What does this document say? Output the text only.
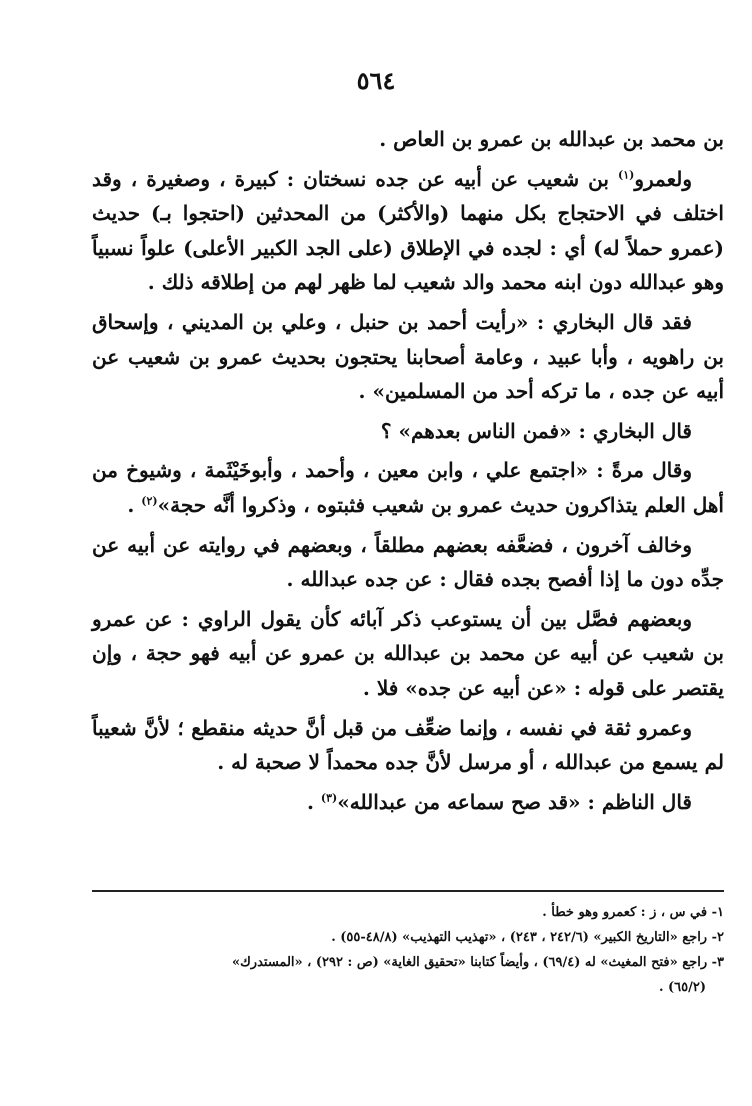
٥٦٤

بن محمد بن عبدالله بن عمرو بن العاص .

ولعمرو$^{(١)}$ بن شعيب عن أبيه عن جده نسختان : كبيرة ، وصغيرة ، وقد اختلف في الاحتجاج بكل منهما (والأكثر) من المحدثين (احتجوا بـ) حديث (عمرو حملاً له) أي : لجده في الإطلاق (على الجد الكبير الأعلى) علواً نسبياً وهو عبدالله دون ابنه محمد والد شعيب لما ظهر لهم من إطلاقه ذلك .

فقد قال البخاري : «رأيت أحمد بن حنبل ، وعلي بن المديني ، وإسحاق بن راهويه ، وأبا عبيد ، وعامة أصحابنا يحتجون بحديث عمرو بن شعيب عن أبيه عن جده ، ما تركه أحد من المسلمين» .

قال البخاري : «فمن الناس بعدهم» ؟

وقال مرةً : «اجتمع علي ، وابن معين ، وأحمد ، وأبوخَيْثَمة ، وشيوخ من أهل العلم يتذاكرون حديث عمرو بن شعيب فثبتوه ، وذكروا أنَّه حجة»$^{(٢)}$ .

وخالف آخرون ، فضعَّفه بعضهم مطلقاً ، وبعضهم في روايته عن أبيه عن جدِّه دون ما إذا أفصح بجده فقال : عن جده عبدالله .

وبعضهم فصَّل بين أن يستوعب ذكر آبائه كأن يقول الراوي : عن عمرو بن شعيب عن أبيه عن محمد بن عبدالله بن عمرو عن أبيه فهو حجة ، وإن يقتصر على قوله : «عن أبيه عن جده» فلا .

وعمرو ثقة في نفسه ، وإنما ضعِّف من قبل أنَّ حديثه منقطع ؛ لأنَّ شعيباً لم يسمع من عبدالله ، أو مرسل لأنَّ جده محمداً لا صحبة له .

قال الناظم : «قد صح سماعه من عبدالله»$^{(٣)}$ .

١- في س ، ز : كعمرو وهو خطأ .

٢- راجع «التاريخ الكبير» (٢٤٢/٦ ، ٢٤٣) ، «تهذيب التهذيب» (٤٨/٨-٥٥) .

٣- راجع «فتح المغيث» له (٦٩/٤) ، وأيضاً كتابنا «تحقيق الغاية» (ص : ٢٩٢) ، «المستدرك»

(٦٥/٢) .
